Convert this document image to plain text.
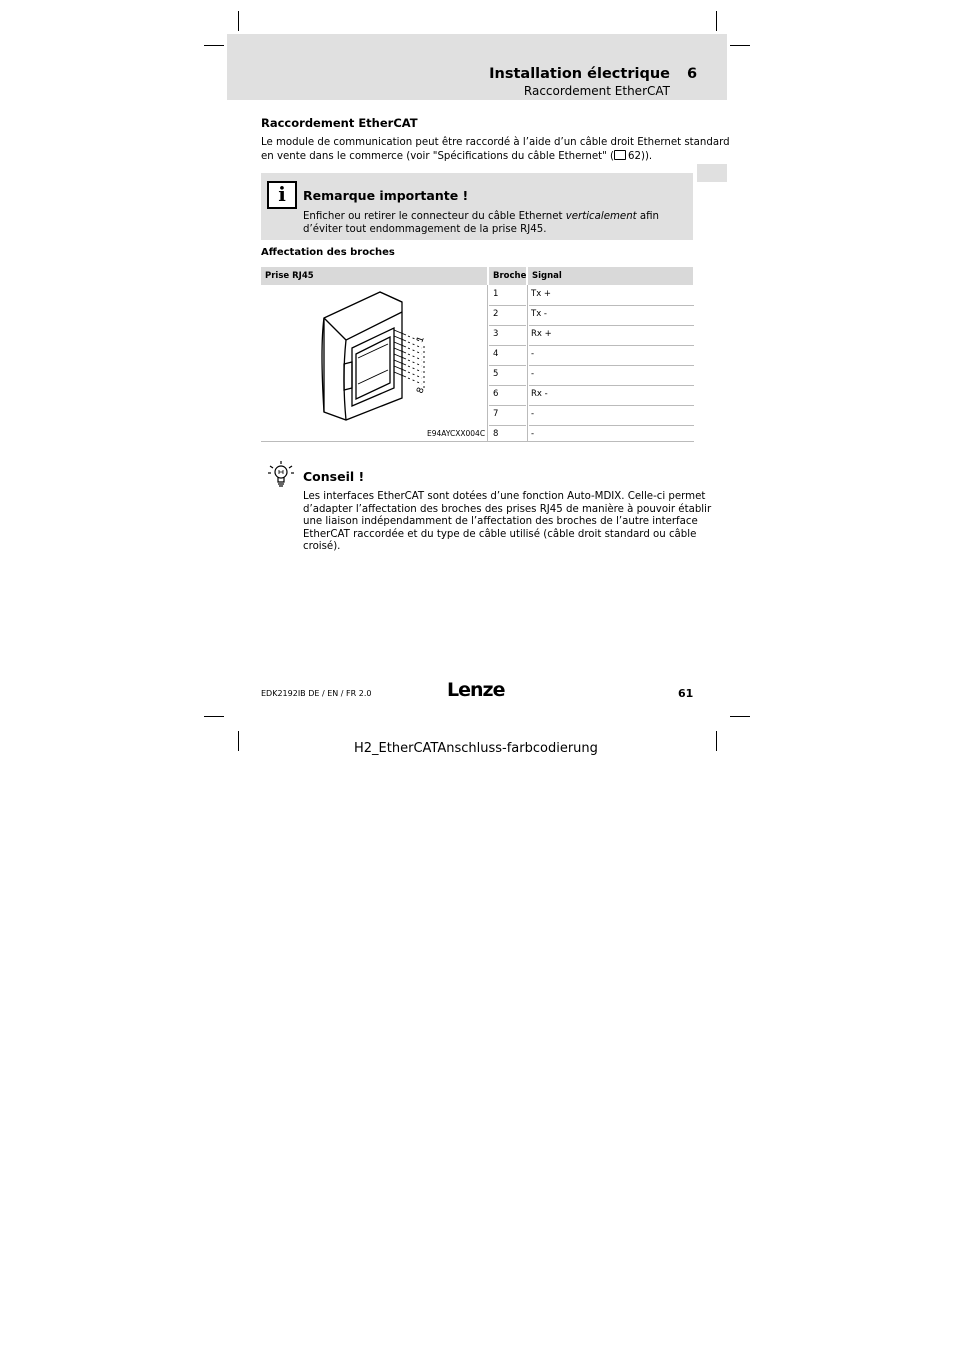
Installation électrique 6
Raccordement EtherCAT
Raccordement EtherCAT
Le module de communication peut être raccordé à l’aide d’un câble droit Ethernet standard
en vente dans le commerce (voir "Spécifications du câble Ethernet" ( 62)).
i	Remarque importante !
Enficher ou retirer le connecteur du câble Ethernet verticalement afin d’éviter tout endommagement de la prise RJ45.
Affectation des broches
Prise RJ45	Broche Signal
1	Tx +
2	Tx -
3	Rx +
4	-
5	-
6	Rx -
7	-
8	-
1
8
E94AYCXX004C
Conseil !
Les interfaces EtherCAT sont dotées d’une fonction Auto-MDIX. Celle-ci permet
d’adapter l’affectation des broches des prises RJ45 de manière à pouvoir établir
une liaison indépendamment de l’affectation des broches de l’autre interface
EtherCAT raccordée et du type de câble utilisé (câble droit standard ou câble
croisé).
EDK2192IB DE / EN / FR 2.0	Lenze	61
H2_EtherCATAnschluss-farbcodierung
